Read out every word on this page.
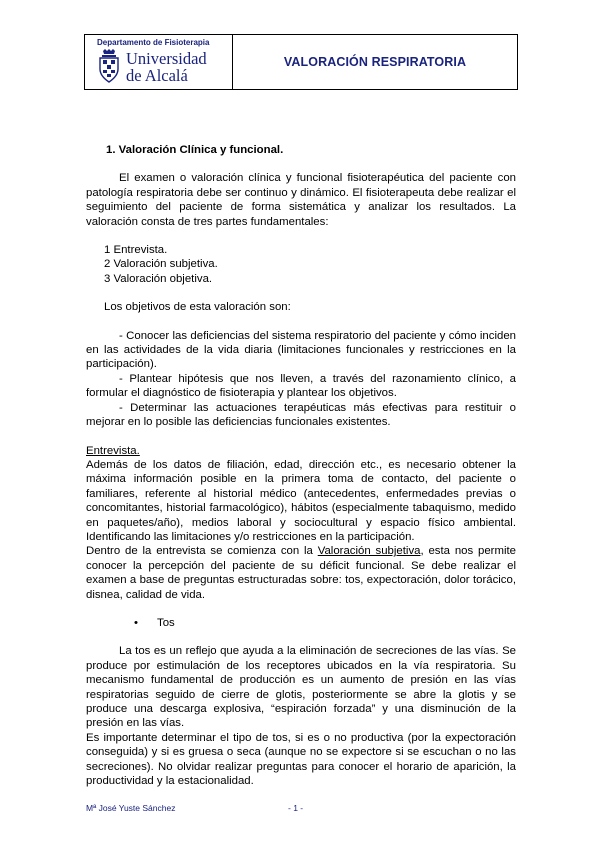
Departamento de Fisioterapia
Universidad
de Alcalá
VALORACIÓN RESPIRATORIA

1. Valoración Clínica y funcional.

El examen o valoración clínica y funcional fisioterapéutica del paciente con patología respiratoria debe ser continuo y dinámico. El fisioterapeuta debe realizar el seguimiento del paciente de forma sistemática y analizar los resultados. La valoración consta de tres partes fundamentales:

1 Entrevista.

2 Valoración subjetiva.

3 Valoración objetiva.

Los objetivos de esta valoración son:

- Conocer las deficiencias del sistema respiratorio del paciente y cómo inciden en las actividades de la vida diaria (limitaciones funcionales y restricciones en la participación).

- Plantear hipótesis que nos lleven, a través del razonamiento clínico, a formular el diagnóstico de fisioterapia y plantear los objetivos.

- Determinar las actuaciones terapéuticas más efectivas para restituir o mejorar en lo posible las deficiencias funcionales existentes.

Entrevista.

Además de los datos de filiación, edad, dirección etc., es necesario obtener la máxima información posible en la primera toma de contacto, del paciente o familiares, referente al historial médico (antecedentes, enfermedades previas o concomitantes, historial farmacológico), hábitos (especialmente tabaquismo, medido en paquetes/año), medios laboral y sociocultural y espacio físico ambiental. Identificando las limitaciones y/o restricciones en la participación.

Dentro de la entrevista se comienza con la Valoración subjetiva, esta nos permite conocer la percepción del paciente de su déficit funcional. Se debe realizar el examen a base de preguntas estructuradas sobre: tos, expectoración, dolor torácico, disnea, calidad de vida.

•	Tos

La tos es un reflejo que ayuda a la eliminación de secreciones de las vías. Se produce por estimulación de los receptores ubicados en la vía respiratoria. Su mecanismo fundamental de producción es un aumento de presión en las vías respiratorias seguido de cierre de glotis, posteriormente se abre la glotis y se produce una descarga explosiva, “espiración forzada” y una disminución de la presión en las vías.

Es importante determinar el tipo de tos, si es o no productiva (por la expectoración conseguida) y si es gruesa o seca (aunque no se expectore si se escuchan o no las secreciones). No olvidar realizar preguntas para conocer el horario de aparición, la productividad y la estacionalidad.

Mª José Yuste Sánchez	- 1 -
